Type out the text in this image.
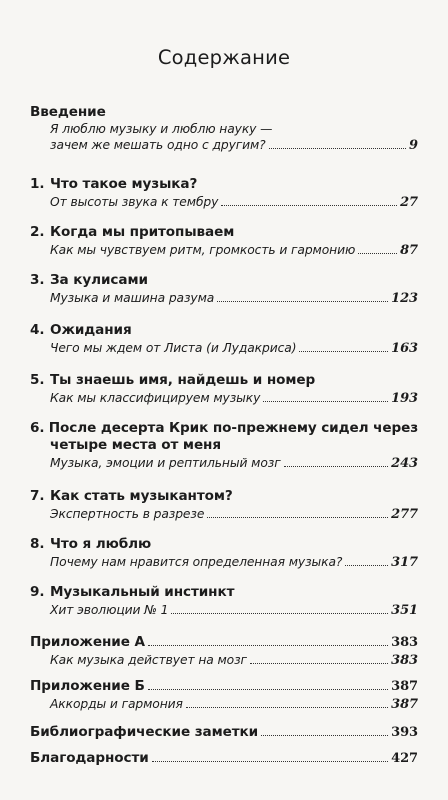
Содержание
Введение
Я люблю музыку и люблю науку —
зачем же мешать одно с другим?	9
1. Что такое музыка?
От высоты звука к тембру	27
2. Когда мы притопываем
Как мы чувствуем ритм, громкость и гармонию	87
3. За кулисами
Музыка и машина разума	123
4. Ожидания
Чего мы ждем от Листа (и Лудакриса)	163
5. Ты знаешь имя, найдешь и номер
Как мы классифицируем музыку	193
6. После десерта Крик по-прежнему сидел через
четыре места от меня
Музыка, эмоции и рептильный мозг	243
7. Как стать музыкантом?
Экспертность в разрезе	277
8. Что я люблю
Почему нам нравится определенная музыка?	317
9. Музыкальный инстинкт
Хит эволюции № 1	351
Приложение А	383
Как музыка действует на мозг	383
Приложение Б	387
Аккорды и гармония	387
Библиографические заметки	393
Благодарности	427
